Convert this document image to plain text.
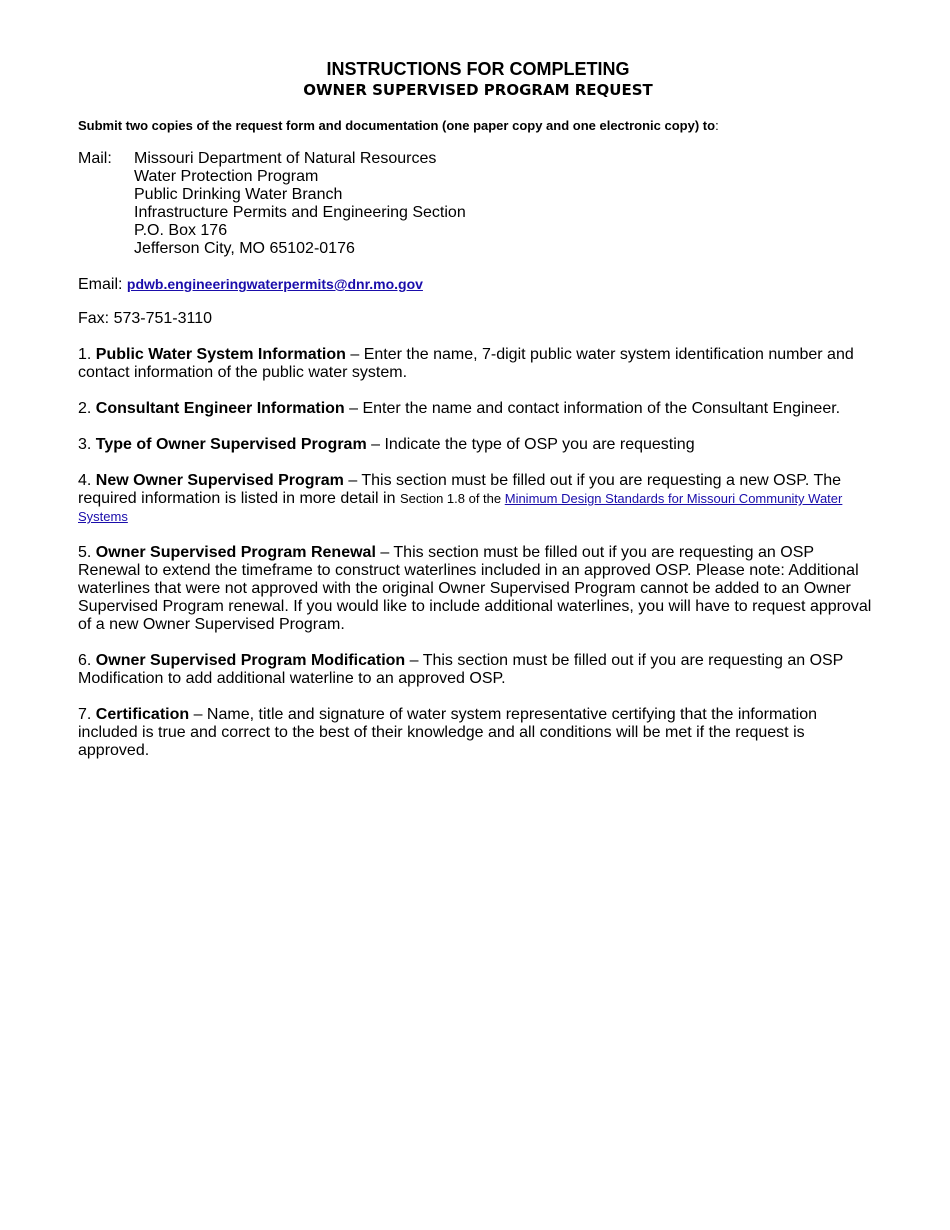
INSTRUCTIONS FOR COMPLETING
OWNER SUPERVISED PROGRAM REQUEST

Submit two copies of the request form and documentation (one paper copy and one electronic copy) to:

Mail:	Missouri Department of Natural Resources
Water Protection Program
Public Drinking Water Branch
Infrastructure Permits and Engineering Section
P.O. Box 176
Jefferson City, MO 65102-0176
Email: pdwb.engineeringwaterpermits@dnr.mo.gov
Fax: 573-751-3110
1. Public Water System Information – Enter the name, 7-digit public water system identification number and contact information of the public water system.
2. Consultant Engineer Information – Enter the name and contact information of the Consultant Engineer.
3. Type of Owner Supervised Program – Indicate the type of OSP you are requesting
4. New Owner Supervised Program – This section must be filled out if you are requesting a new OSP. The required information is listed in more detail in Section 1.8 of the Minimum Design Standards for Missouri Community Water Systems
5. Owner Supervised Program Renewal – This section must be filled out if you are requesting an OSP Renewal to extend the timeframe to construct waterlines included in an approved OSP. Please note: Additional waterlines that were not approved with the original Owner Supervised Program cannot be added to an Owner Supervised Program renewal. If you would like to include additional waterlines, you will have to request approval of a new Owner Supervised Program.
6. Owner Supervised Program Modification – This section must be filled out if you are requesting an OSP Modification to add additional waterline to an approved OSP.
7. Certification – Name, title and signature of water system representative certifying that the information included is true and correct to the best of their knowledge and all conditions will be met if the request is approved.
